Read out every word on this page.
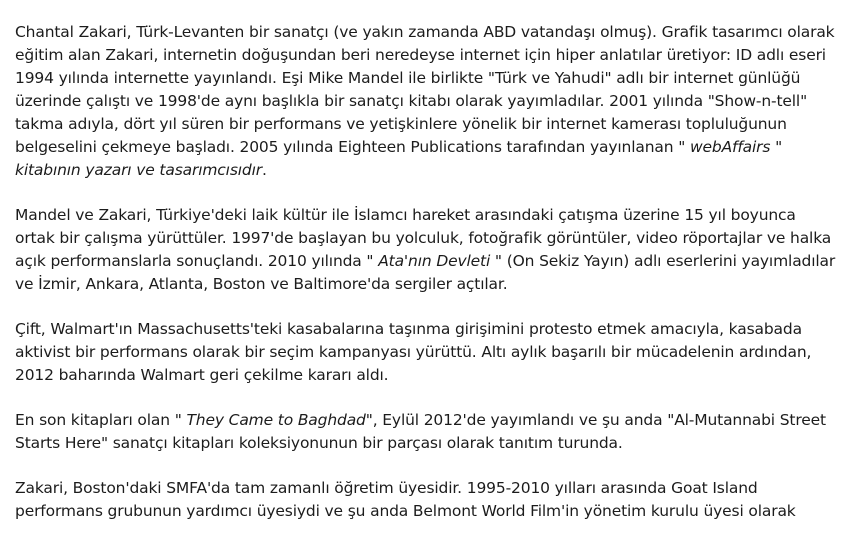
Chantal Zakari, Türk-Levanten bir sanatçı (ve yakın zamanda ABD vatandaşı olmuş). Grafik tasarımcı olarak eğitim alan Zakari, internetin doğuşundan beri neredeyse internet için hiper anlatılar üretiyor: ID adlı eseri 1994 yılında internette yayınlandı. Eşi Mike Mandel ile birlikte "Türk ve Yahudi" adlı bir internet günlüğü üzerinde çalıştı ve 1998'de aynı başlıkla bir sanatçı kitabı olarak yayımladılar. 2001 yılında "Show-n-tell" takma adıyla, dört yıl süren bir performans ve yetişkinlere yönelik bir internet kamerası topluluğunun belgeselini çekmeye başladı. 2005 yılında Eighteen Publications tarafından yayınlanan " webAffairs " kitabının yazarı ve tasarımcısıdır.

Mandel ve Zakari, Türkiye'deki laik kültür ile İslamcı hareket arasındaki çatışma üzerine 15 yıl boyunca ortak bir çalışma yürüttüler. 1997'de başlayan bu yolculuk, fotoğrafik görüntüler, video röportajlar ve halka açık performanslarla sonuçlandı. 2010 yılında " Ata'nın Devleti " (On Sekiz Yayın) adlı eserlerini yayımladılar ve İzmir, Ankara, Atlanta, Boston ve Baltimore'da sergiler açtılar.

Çift, Walmart'ın Massachusetts'teki kasabalarına taşınma girişimini protesto etmek amacıyla, kasabada aktivist bir performans olarak bir seçim kampanyası yürüttü. Altı aylık başarılı bir mücadelenin ardından, 2012 baharında Walmart geri çekilme kararı aldı.

En son kitapları olan " They Came to Baghdad", Eylül 2012'de yayımlandı ve şu anda "Al-Mutannabi Street Starts Here" sanatçı kitapları koleksiyonunun bir parçası olarak tanıtım turunda.

Zakari, Boston'daki SMFA'da tam zamanlı öğretim üyesidir. 1995-2010 yılları arasında Goat Island performans grubunun yardımcı üyesiydi ve şu anda Belmont World Film'in yönetim kurulu üyesi olarak
